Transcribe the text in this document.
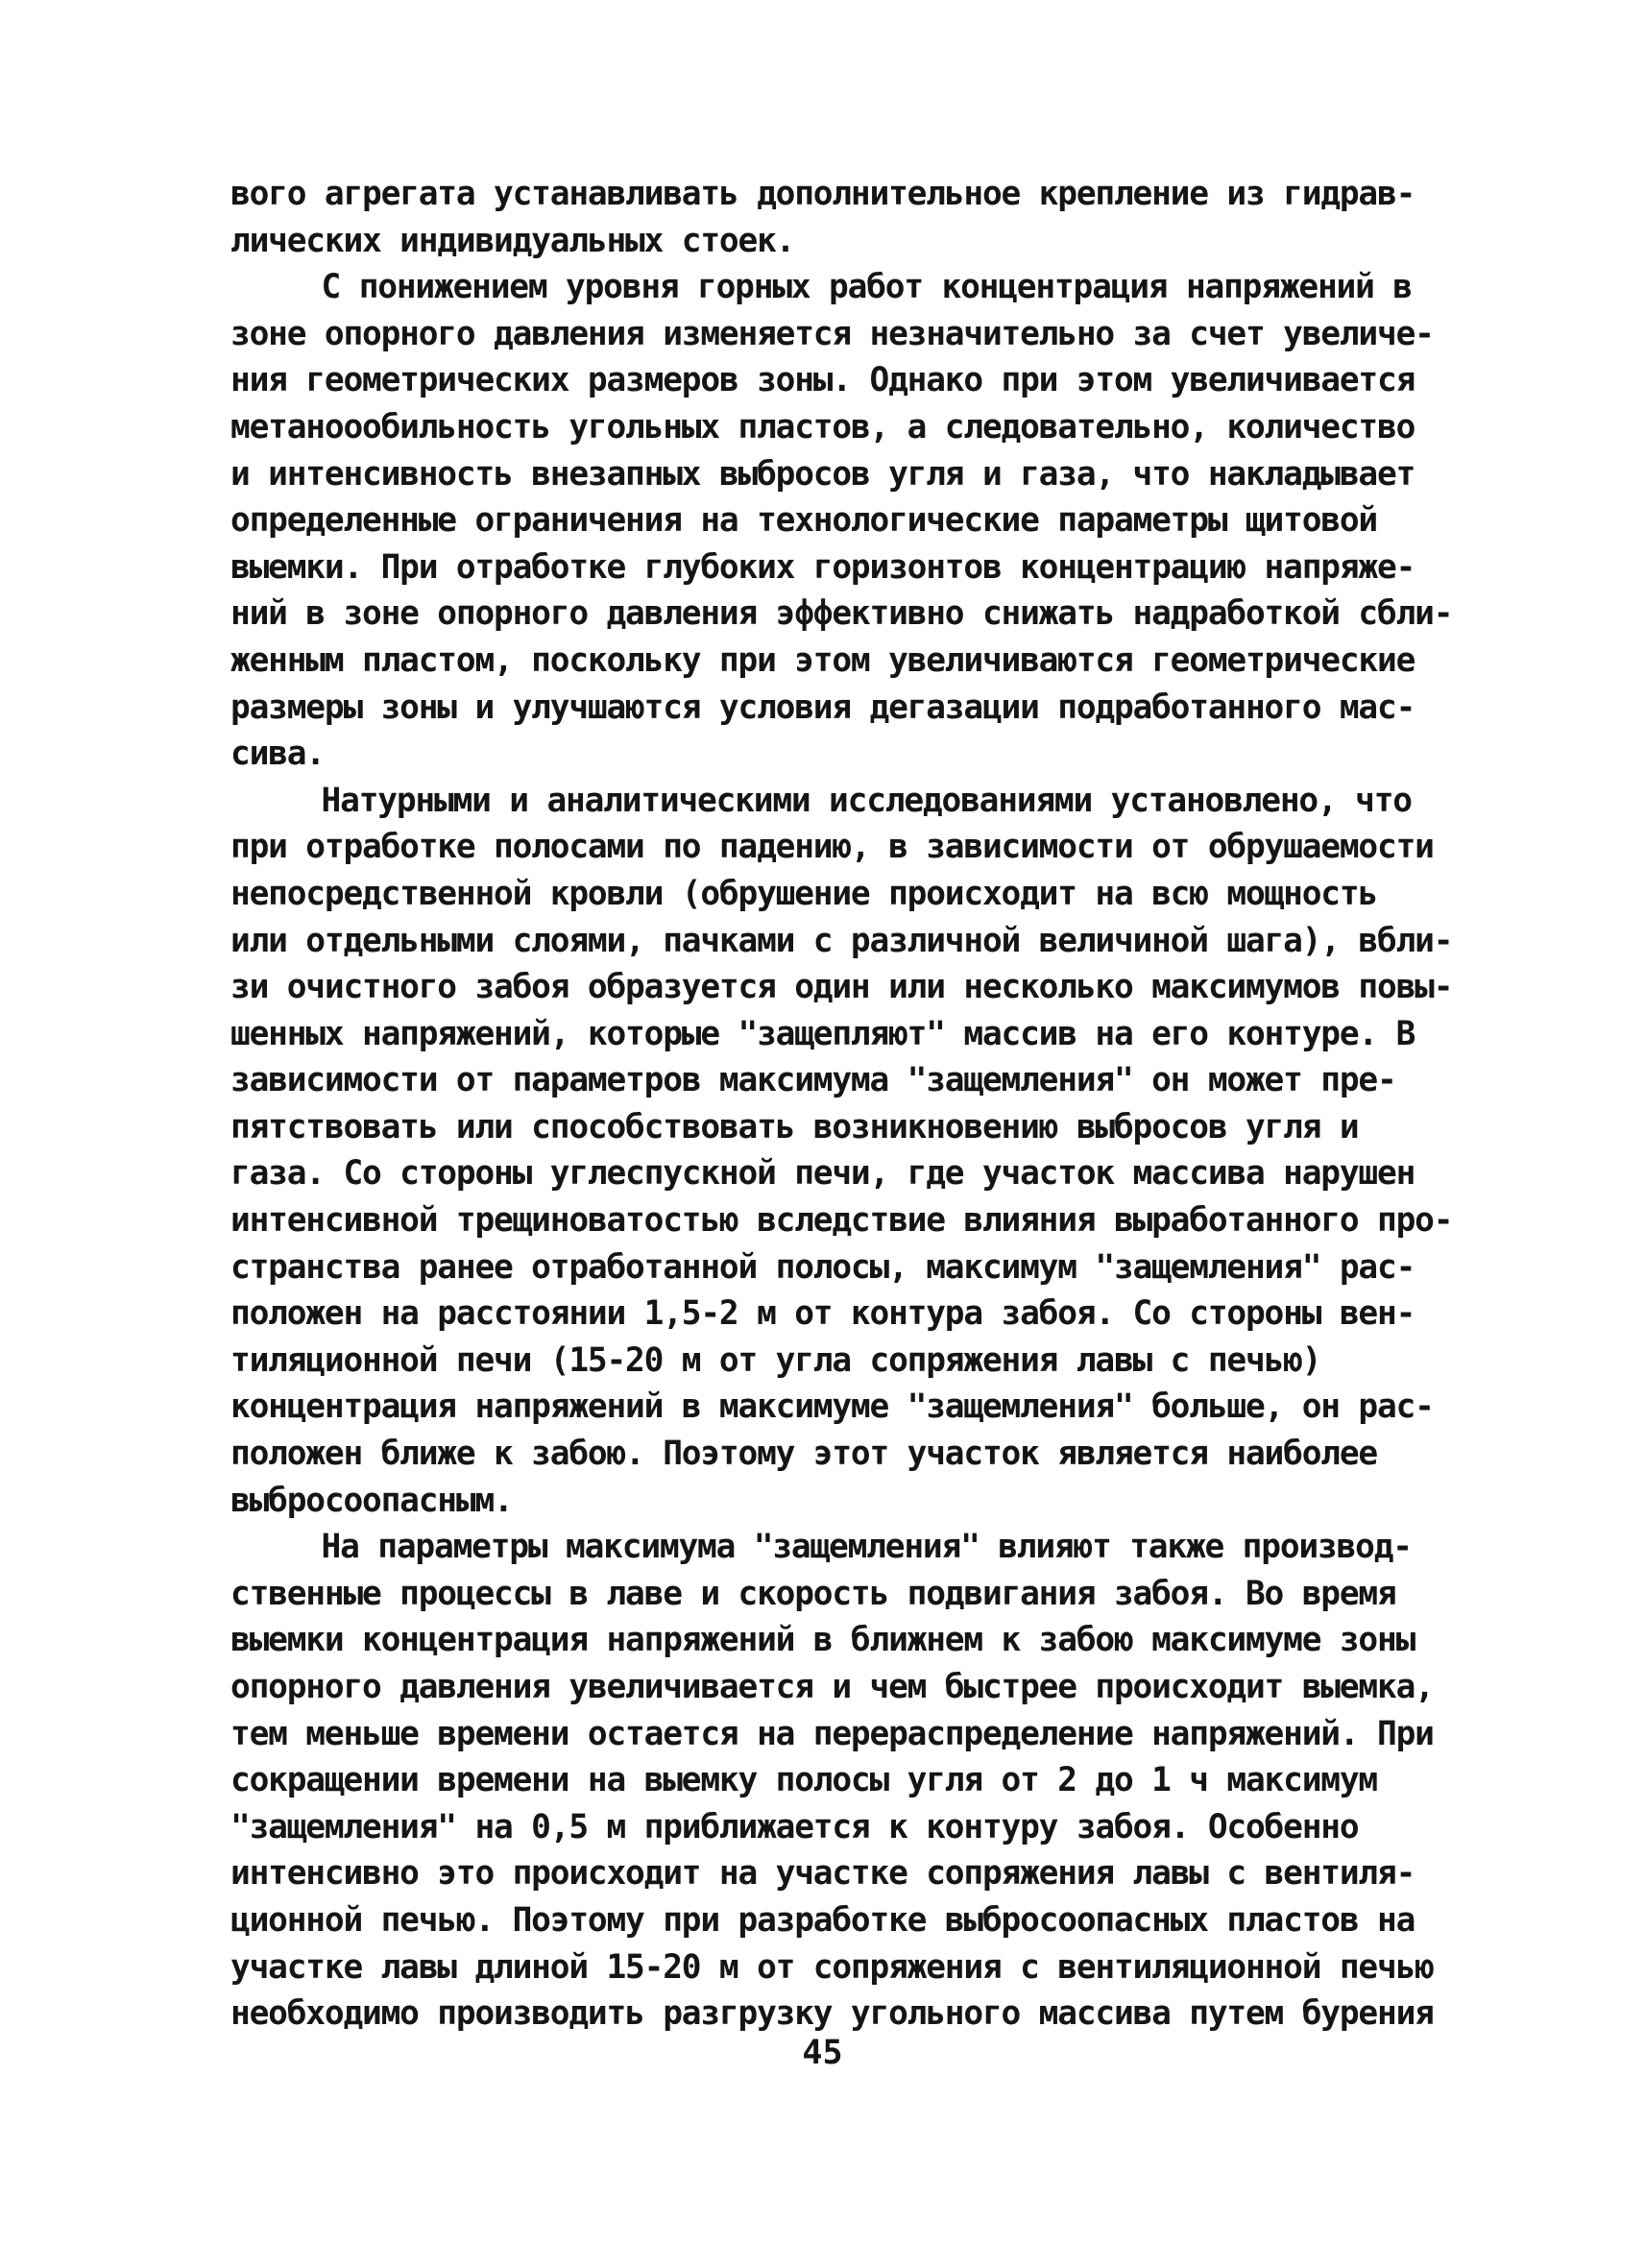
вого агрегата устанавливать дополнительное крепление из гидрав-
лических индивидуальных стоек.
С понижением уровня горных работ концентрация напряжений в
зоне опорного давления изменяется незначительно за счет увеличе-
ния геометрических размеров зоны. Однако при этом увеличивается
метаноообильность угольных пластов, а следовательно, количество
и интенсивность внезапных выбросов угля и газа, что накладывает
определенные ограничения на технологические параметры щитовой
выемки. При отработке глубоких горизонтов концентрацию напряже-
ний в зоне опорного давления эффективно снижать надработкой сбли-
женным пластом, поскольку при этом увеличиваются геометрические
размеры зоны и улучшаются условия дегазации подработанного мас-
сива.
Натурными и аналитическими исследованиями установлено, что
при отработке полосами по падению, в зависимости от обрушаемости
непосредственной кровли (обрушение происходит на всю мощность
или отдельными слоями, пачками с различной величиной шага), вбли-
зи очистного забоя образуется один или несколько максимумов повы-
шенных напряжений, которые "защепляют" массив на его контуре. В
зависимости от параметров максимума "защемления" он может пре-
пятствовать или способствовать возникновению выбросов угля и
газа. Со стороны углеспускной печи, где участок массива нарушен
интенсивной трещиноватостью вследствие влияния выработанного про-
странства ранее отработанной полосы, максимум "защемления" рас-
положен на расстоянии 1,5-2 м от контура забоя. Со стороны вен-
тиляционной печи (15-20 м от угла сопряжения лавы с печью)
концентрация напряжений в максимуме "защемления" больше, он рас-
положен ближе к забою. Поэтому этот участок является наиболее
выбросоопасным.
На параметры максимума "защемления" влияют также производ-
ственные процессы в лаве и скорость подвигания забоя. Во время
выемки концентрация напряжений в ближнем к забою максимуме зоны
опорного давления увеличивается и чем быстрее происходит выемка,
тем меньше времени остается на перераспределение напряжений. При
сокращении времени на выемку полосы угля от 2 до 1 ч максимум
"защемления" на 0,5 м приближается к контуру забоя. Особенно
интенсивно это происходит на участке сопряжения лавы с вентиля-
ционной печью. Поэтому при разработке выбросоопасных пластов на
участке лавы длиной 15-20 м от сопряжения с вентиляционной печью
необходимо производить разгрузку угольного массива путем бурения
45
